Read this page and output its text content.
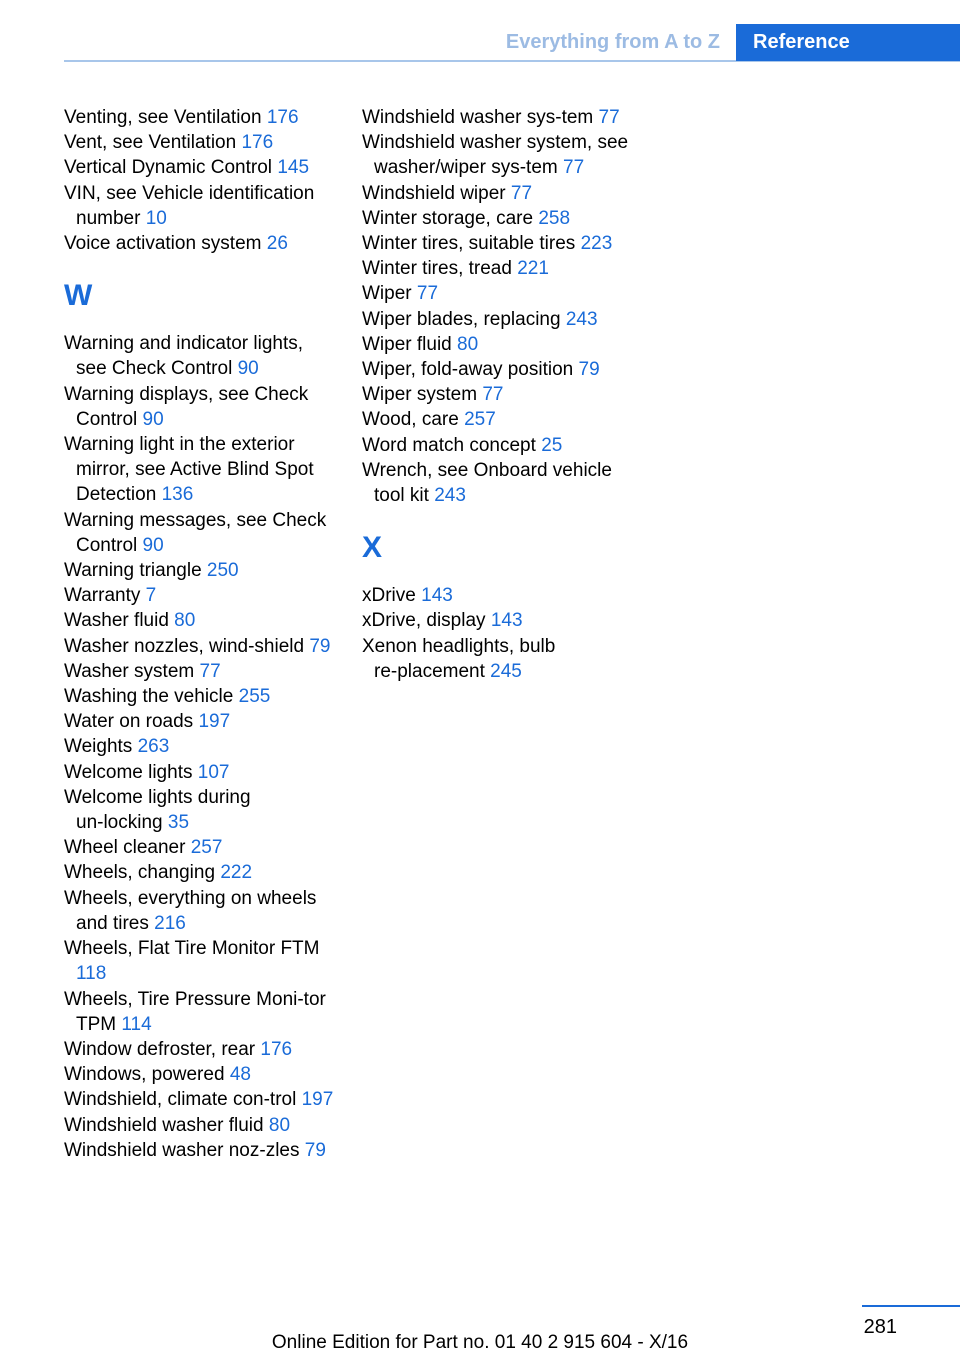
Everything from A to Z Reference
Venting, see Ventilation 176
Vent, see Ventilation 176
Vertical Dynamic Control 145
VIN, see Vehicle identification number 10
Voice activation system 26
W
Warning and indicator lights, see Check Control 90
Warning displays, see Check Control 90
Warning light in the exterior mirror, see Active Blind Spot Detection 136
Warning messages, see Check Control 90
Warning triangle 250
Warranty 7
Washer fluid 80
Washer nozzles, wind‑shield 79
Washer system 77
Washing the vehicle 255
Water on roads 197
Weights 263
Welcome lights 107
Welcome lights during un‑locking 35
Wheel cleaner 257
Wheels, changing 222
Wheels, everything on wheels and tires 216
Wheels, Flat Tire Monitor FTM 118
Wheels, Tire Pressure Moni‑tor TPM 114
Window defroster, rear 176
Windows, powered 48
Windshield, climate con‑trol 197
Windshield washer fluid 80
Windshield washer noz‑zles 79
Windshield washer sys‑tem 77
Windshield washer system, see washer/wiper sys‑tem 77
Windshield wiper 77
Winter storage, care 258
Winter tires, suitable tires 223
Winter tires, tread 221
Wiper 77
Wiper blades, replacing 243
Wiper fluid 80
Wiper, fold-away position 79
Wiper system 77
Wood, care 257
Word match concept 25
Wrench, see Onboard vehicle tool kit 243
X
xDrive 143
xDrive, display 143
Xenon headlights, bulb re‑placement 245
281
Online Edition for Part no. 01 40 2 915 604 - X/16
